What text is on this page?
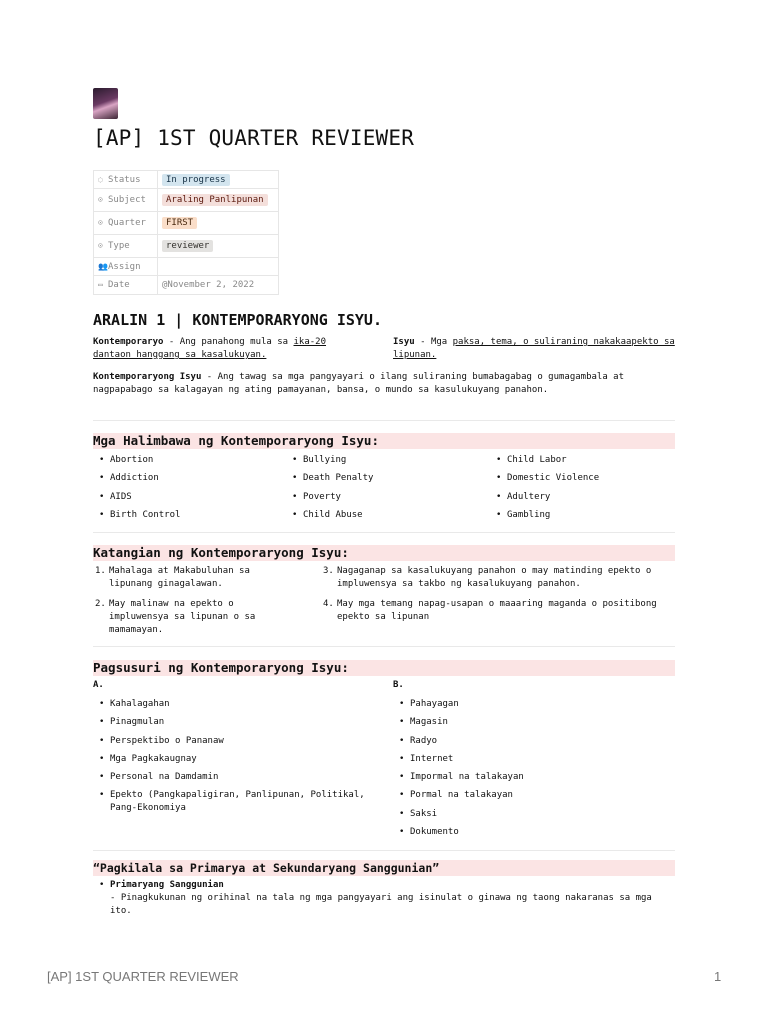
[AP] 1ST QUARTER REVIEWER
◌ Status	In progress
⊙ Subject	Araling Panlipunan
⊙ Quarter	FIRST
⊙ Type	reviewer
👥Assign	
▭ Date	@November 2, 2022
ARALIN 1 | KONTEMPORARYONG ISYU.
Kontemporaryo - Ang panahong mula sa ika-20 dantaon hanggang sa kasalukuyan.
Isyu - Mga paksa, tema, o suliraning nakakaapekto sa lipunan.
Kontemporaryong Isyu - Ang tawag sa mga pangyayari o ilang suliraning bumabagabag o gumagambala at nagpapabago sa kalagayan ng ating pamayanan, bansa, o mundo sa kasulukuyang panahon.
Mga Halimbawa ng Kontemporaryong Isyu:
• Abortion
• Addiction
• AIDS
• Birth Control
• Bullying
• Death Penalty
• Poverty
• Child Abuse
• Child Labor
• Domestic Violence
• Adultery
• Gambling
Katangian ng Kontemporaryong Isyu:
1. Mahalaga at Makabuluhan sa lipunang ginagalawan.
2. May malinaw na epekto o impluwensya sa lipunan o sa mamamayan.
3. Nagaganap sa kasalukuyang panahon o may matinding epekto o impluwensya sa takbo ng kasalukuyang panahon.
4. May mga temang napag-usapan o maaaring maganda o positibong epekto sa lipunan
Pagsusuri ng Kontemporaryong Isyu:
A.	B.
• Kahalagahan
• Pinagmulan
• Perspektibo o Pananaw
• Mga Pagkakaugnay
• Personal na Damdamin
• Epekto (Pangkapaligiran, Panlipunan, Politikal, Pang-Ekonomiya
• Pahayagan
• Magasin
• Radyo
• Internet
• Impormal na talakayan
• Pormal na talakayan
• Saksi
• Dokumento
“Pagkilala sa Primarya at Sekundaryang Sanggunian”
• Primaryang Sanggunian
- Pinagkukunan ng orihinal na tala ng mga pangyayari ang isinulat o ginawa ng taong nakaranas sa mga ito.
[AP] 1ST QUARTER REVIEWER	1
